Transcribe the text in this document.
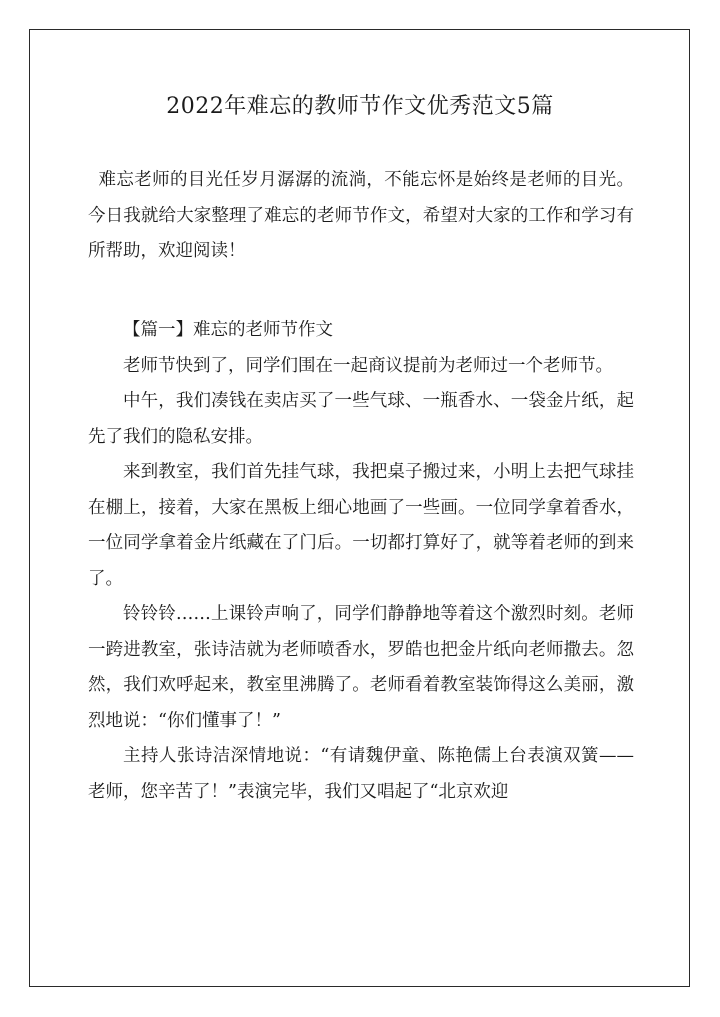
2022年难忘的教师节作文优秀范文5篇

难忘老师的目光任岁月潺潺的流淌，不能忘怀是始终是老师的目光。今日我就给大家整理了难忘的老师节作文，希望对大家的工作和学习有所帮助，欢迎阅读！

【篇一】难忘的老师节作文

老师节快到了，同学们围在一起商议提前为老师过一个老师节。

中午，我们凑钱在卖店买了一些气球、一瓶香水、一袋金片纸，起先了我们的隐私安排。

来到教室，我们首先挂气球，我把桌子搬过来，小明上去把气球挂在棚上，接着，大家在黑板上细心地画了一些画。一位同学拿着香水，一位同学拿着金片纸藏在了门后。一切都打算好了，就等着老师的到来了。

铃铃铃……上课铃声响了，同学们静静地等着这个激烈时刻。老师一跨进教室，张诗洁就为老师喷香水，罗皓也把金片纸向老师撒去。忽然，我们欢呼起来，教室里沸腾了。老师看着教室装饰得这么美丽，激烈地说：“你们懂事了！”

主持人张诗洁深情地说：“有请魏伊童、陈艳儒上台表演双簧——老师，您辛苦了！”表演完毕，我们又唱起了“北京欢迎
